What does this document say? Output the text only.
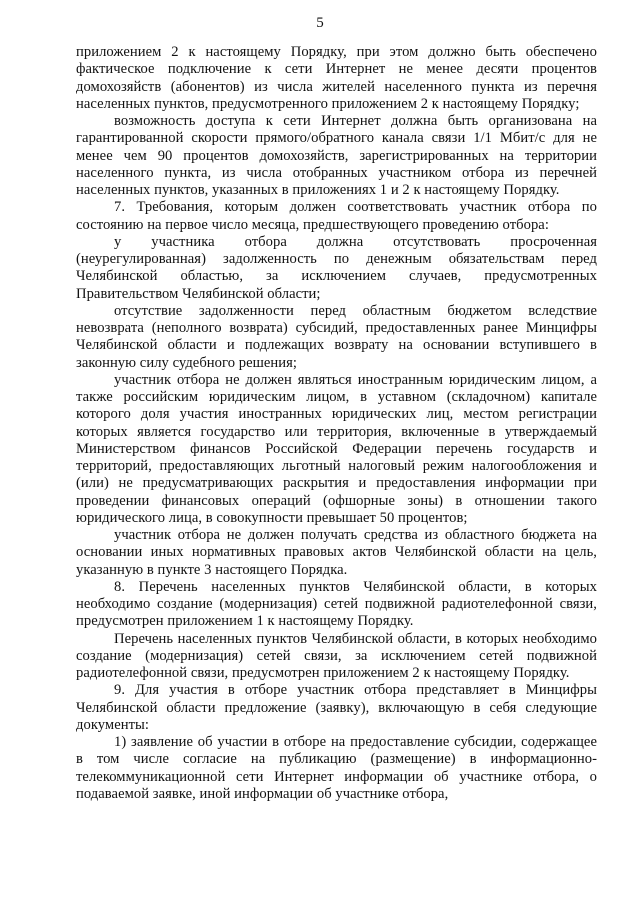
5

приложением 2 к настоящему Порядку, при этом должно быть обеспечено фактическое подключение к сети Интернет не менее десяти процентов домохозяйств (абонентов) из числа жителей населенного пункта из перечня населенных пунктов, предусмотренного приложением 2 к настоящему Порядку;

возможность доступа к сети Интернет должна быть организована на гарантированной скорости прямого/обратного канала связи 1/1 Мбит/с для не менее чем 90 процентов домохозяйств, зарегистрированных на территории населенного пункта, из числа отобранных участником отбора из перечней населенных пунктов, указанных в приложениях 1 и 2 к настоящему Порядку.

7. Требования, которым должен соответствовать участник отбора по состоянию на первое число месяца, предшествующего проведению отбора:

у участника отбора должна отсутствовать просроченная (неурегулированная) задолженность по денежным обязательствам перед Челябинской областью, за исключением случаев, предусмотренных Правительством Челябинской области;

отсутствие задолженности перед областным бюджетом вследствие невозврата (неполного возврата) субсидий, предоставленных ранее Минцифры Челябинской области и подлежащих возврату на основании вступившего в законную силу судебного решения;

участник отбора не должен являться иностранным юридическим лицом, а также российским юридическим лицом, в уставном (складочном) капитале которого доля участия иностранных юридических лиц, местом регистрации которых является государство или территория, включенные в утверждаемый Министерством финансов Российской Федерации перечень государств и территорий, предоставляющих льготный налоговый режим налогообложения и (или) не предусматривающих раскрытия и предоставления информации при проведении финансовых операций (офшорные зоны) в отношении такого юридического лица, в совокупности превышает 50 процентов;

участник отбора не должен получать средства из областного бюджета на основании иных нормативных правовых актов Челябинской области на цель, указанную в пункте 3 настоящего Порядка.

8. Перечень населенных пунктов Челябинской области, в которых необходимо создание (модернизация) сетей подвижной радиотелефонной связи, предусмотрен приложением 1 к настоящему Порядку.

Перечень населенных пунктов Челябинской области, в которых необходимо создание (модернизация) сетей связи, за исключением сетей подвижной радиотелефонной связи, предусмотрен приложением 2 к настоящему Порядку.

9. Для участия в отборе участник отбора представляет в Минцифры Челябинской области предложение (заявку), включающую в себя следующие документы:

1) заявление об участии в отборе на предоставление субсидии, содержащее в том числе согласие на публикацию (размещение) в информационно-телекоммуникационной сети Интернет информации об участнике отбора, о подаваемой заявке, иной информации об участнике отбора,
